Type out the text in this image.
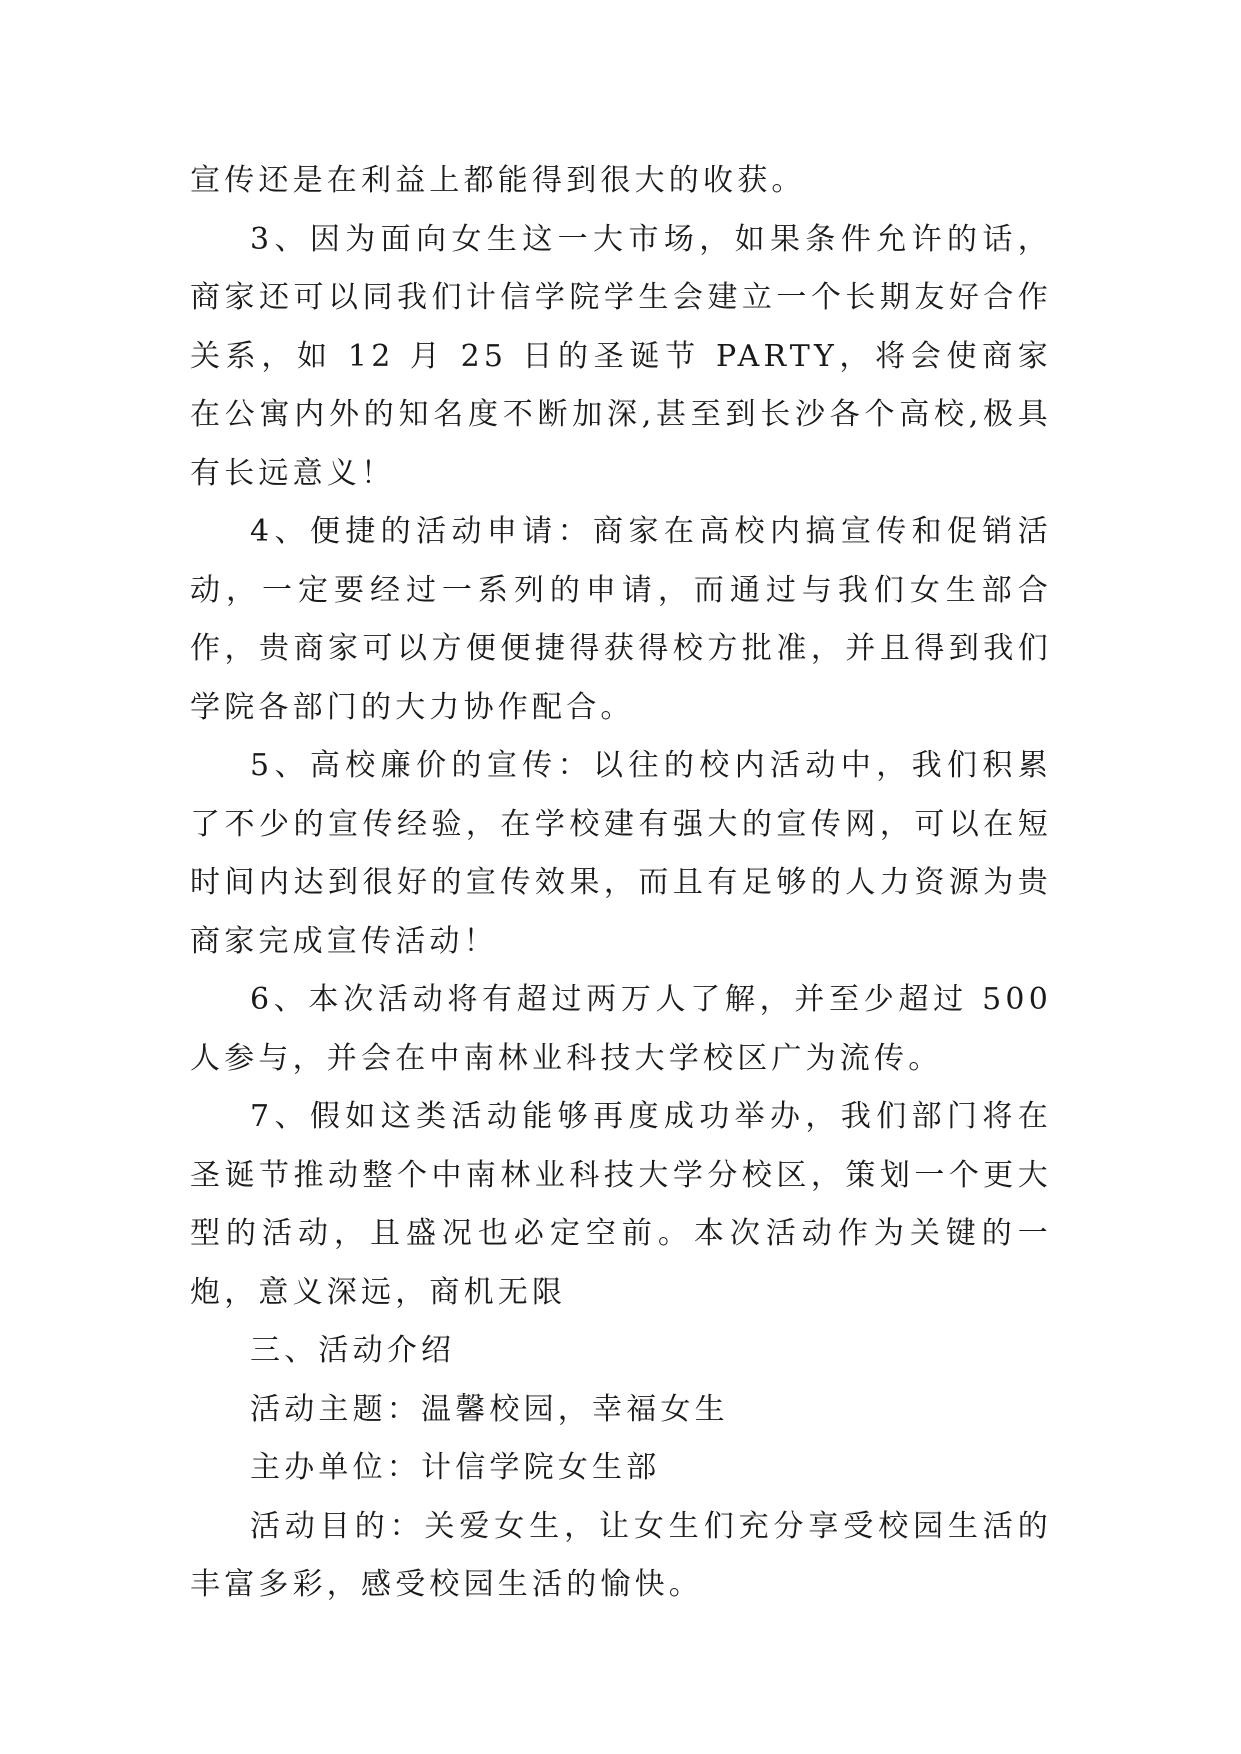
宣传还是在利益上都能得到很大的收获。

3、因为面向女生这一大市场，如果条件允许的话，商家还可以同我们计信学院学生会建立一个长期友好合作关系，如 12 月 25 日的圣诞节 PARTY，将会使商家在公寓内外的知名度不断加深,甚至到长沙各个高校,极具有长远意义！

4、便捷的活动申请：商家在高校内搞宣传和促销活动，一定要经过一系列的申请，而通过与我们女生部合作，贵商家可以方便便捷得获得校方批准，并且得到我们学院各部门的大力协作配合。

5、高校廉价的宣传：以往的校内活动中，我们积累了不少的宣传经验，在学校建有强大的宣传网，可以在短时间内达到很好的宣传效果，而且有足够的人力资源为贵商家完成宣传活动！

6、本次活动将有超过两万人了解，并至少超过 500 人参与，并会在中南林业科技大学校区广为流传。

7、假如这类活动能够再度成功举办，我们部门将在圣诞节推动整个中南林业科技大学分校区，策划一个更大型的活动，且盛况也必定空前。本次活动作为关键的一炮，意义深远，商机无限

三、活动介绍

活动主题：温馨校园，幸福女生

主办单位：计信学院女生部

活动目的：关爱女生，让女生们充分享受校园生活的丰富多彩，感受校园生活的愉快。
